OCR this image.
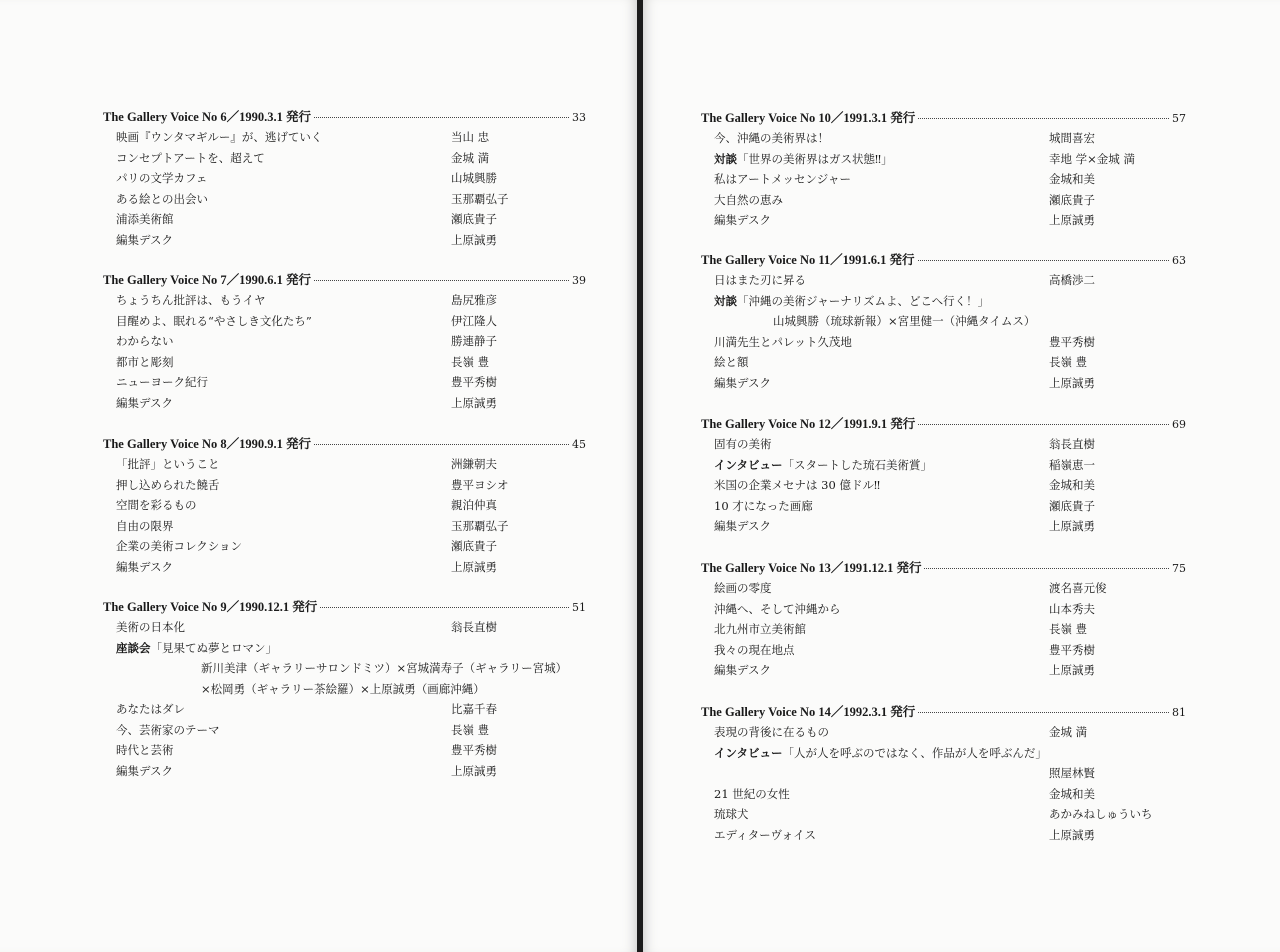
The Gallery Voice No 6／1990.3.1 発行	33
映画『ウンタマギルー』が、逃げていく	当山 忠
コンセプトアートを、超えて	金城 満
パリの文学カフェ	山城興勝
ある絵との出会い	玉那覇弘子
浦添美術館	瀬底貴子
編集デスク	上原誠勇
The Gallery Voice No 7／1990.6.1 発行	39
ちょうちん批評は、もうイヤ	島尻雅彦
目醒めよ、眠れる“やさしき文化たち”	伊江隆人
わからない	勝連静子
都市と彫刻	長嶺 豊
ニューヨーク紀行	豊平秀樹
編集デスク	上原誠勇
The Gallery Voice No 8／1990.9.1 発行	45
「批評」ということ	洲鎌朝夫
押し込められた饒舌	豊平ヨシオ
空間を彩るもの	親泊仲真
自由の限界	玉那覇弘子
企業の美術コレクション	瀬底貴子
編集デスク	上原誠勇
The Gallery Voice No 9／1990.12.1 発行	51
美術の日本化	翁長直樹
座談会「見果てぬ夢とロマン」
新川美津（ギャラリーサロンドミツ）×宮城満寿子（ギャラリー宮城）
×松岡勇（ギャラリー茶絵羅）×上原誠勇（画廊沖縄）
あなたはダレ	比嘉千春
今、芸術家のテーマ	長嶺 豊
時代と芸術	豊平秀樹
編集デスク	上原誠勇
The Gallery Voice No 10／1991.3.1 発行	57
今、沖縄の美術界は！	城間喜宏
対談「世界の美術界はガス状態‼」	幸地 学×金城 満
私はアートメッセンジャー	金城和美
大自然の恵み	瀬底貴子
編集デスク	上原誠勇
The Gallery Voice No 11／1991.6.1 発行	63
日はまた刃に昇る	高橋渉二
対談「沖縄の美術ジャーナリズムよ、どこへ行く！」
山城興勝（琉球新報）×宮里健一（沖縄タイムス）
川満先生とパレット久茂地	豊平秀樹
絵と額	長嶺 豊
編集デスク	上原誠勇
The Gallery Voice No 12／1991.9.1 発行	69
固有の美術	翁長直樹
インタビュー「スタートした琉石美術賞」	稲嶺恵一
米国の企業メセナは 30 億ドル‼	金城和美
10 才になった画廊	瀬底貴子
編集デスク	上原誠勇
The Gallery Voice No 13／1991.12.1 発行	75
絵画の零度	渡名喜元俊
沖縄へ、そして沖縄から	山本秀夫
北九州市立美術館	長嶺 豊
我々の現在地点	豊平秀樹
編集デスク	上原誠勇
The Gallery Voice No 14／1992.3.1 発行	81
表現の背後に在るもの	金城 満
インタビュー「人が人を呼ぶのではなく、作品が人を呼ぶんだ」
照屋林賢
21 世紀の女性	金城和美
琉球犬	あかみねしゅういち
エディターヴォイス	上原誠勇
